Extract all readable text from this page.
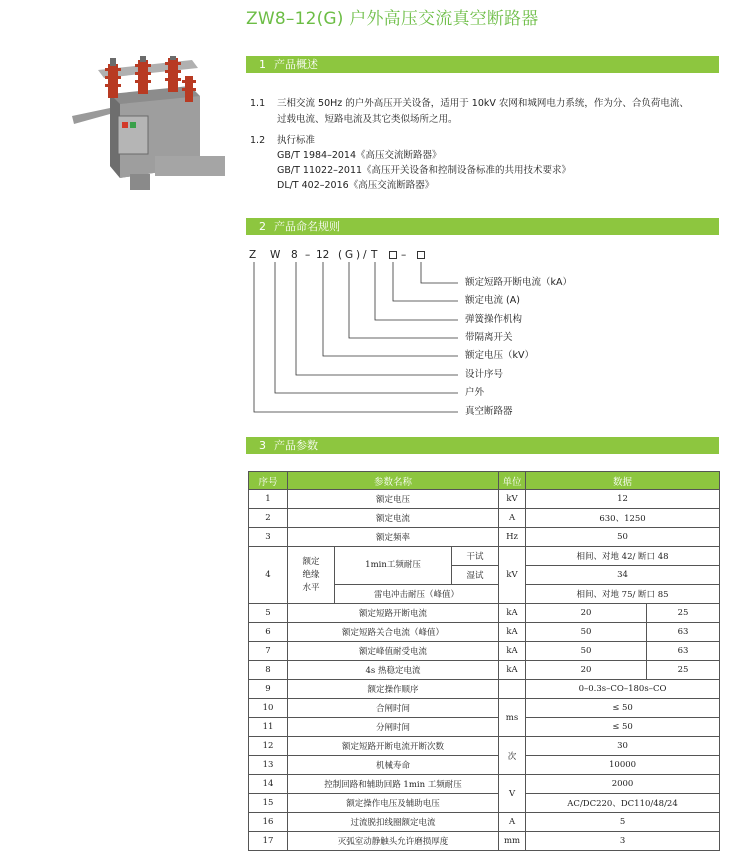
ZW8–12(G) 户外高压交流真空断路器
1 产品概述
1.1 三相交流 50Hz 的户外高压开关设备，适用于 10kV 农网和城网电力系统，作为分、合负荷电流、
过载电流、短路电流及其它类似场所之用。
1.2 执行标准
GB/T 1984–2014《高压交流断路器》
GB/T 11022–2011《高压开关设备和控制设备标准的共用技术要求》
DL/T 402–2016《高压交流断路器》
2 产品命名规则
Z W 8 – 12 ( G ) / T –
额定短路开断电流（kA）
额定电流 (A)
弹簧操作机构
带隔离开关
额定电压（kV）
设计序号
户外
真空断路器
3 产品参数
序号	参数名称			单位	数据	
1	额定电压			kV	12	
2	额定电流			A	630、1250	
3	额定频率			Hz	50	
4	额定绝缘水平	1min工频耐压	干试	kV	相间、对地 42/ 断口 48	
			湿试		34	
		雷电冲击耐压（峰值）			相间、对地 75/ 断口 85	
5	额定短路开断电流			kA	20	25
6	额定短路关合电流（峰值）			kA	50	63
7	额定峰值耐受电流			kA	50	63
8	4s 热稳定电流			kA	20	25
9	额定操作顺序				0–0.3s–CO–180s–CO	
10	合闸时间			ms	≤ 50	
11	分闸时间				≤ 50	
12	额定短路开断电流开断次数			次	30	
13	机械寿命				10000	
14	控制回路和辅助回路 1min 工频耐压			V	2000	
15	额定操作电压及辅助电压				AC/DC220、DC110/48/24	
16	过流脱扣线圈额定电流			A	5	
17	灭弧室动静触头允许磨损厚度			mm	3	
